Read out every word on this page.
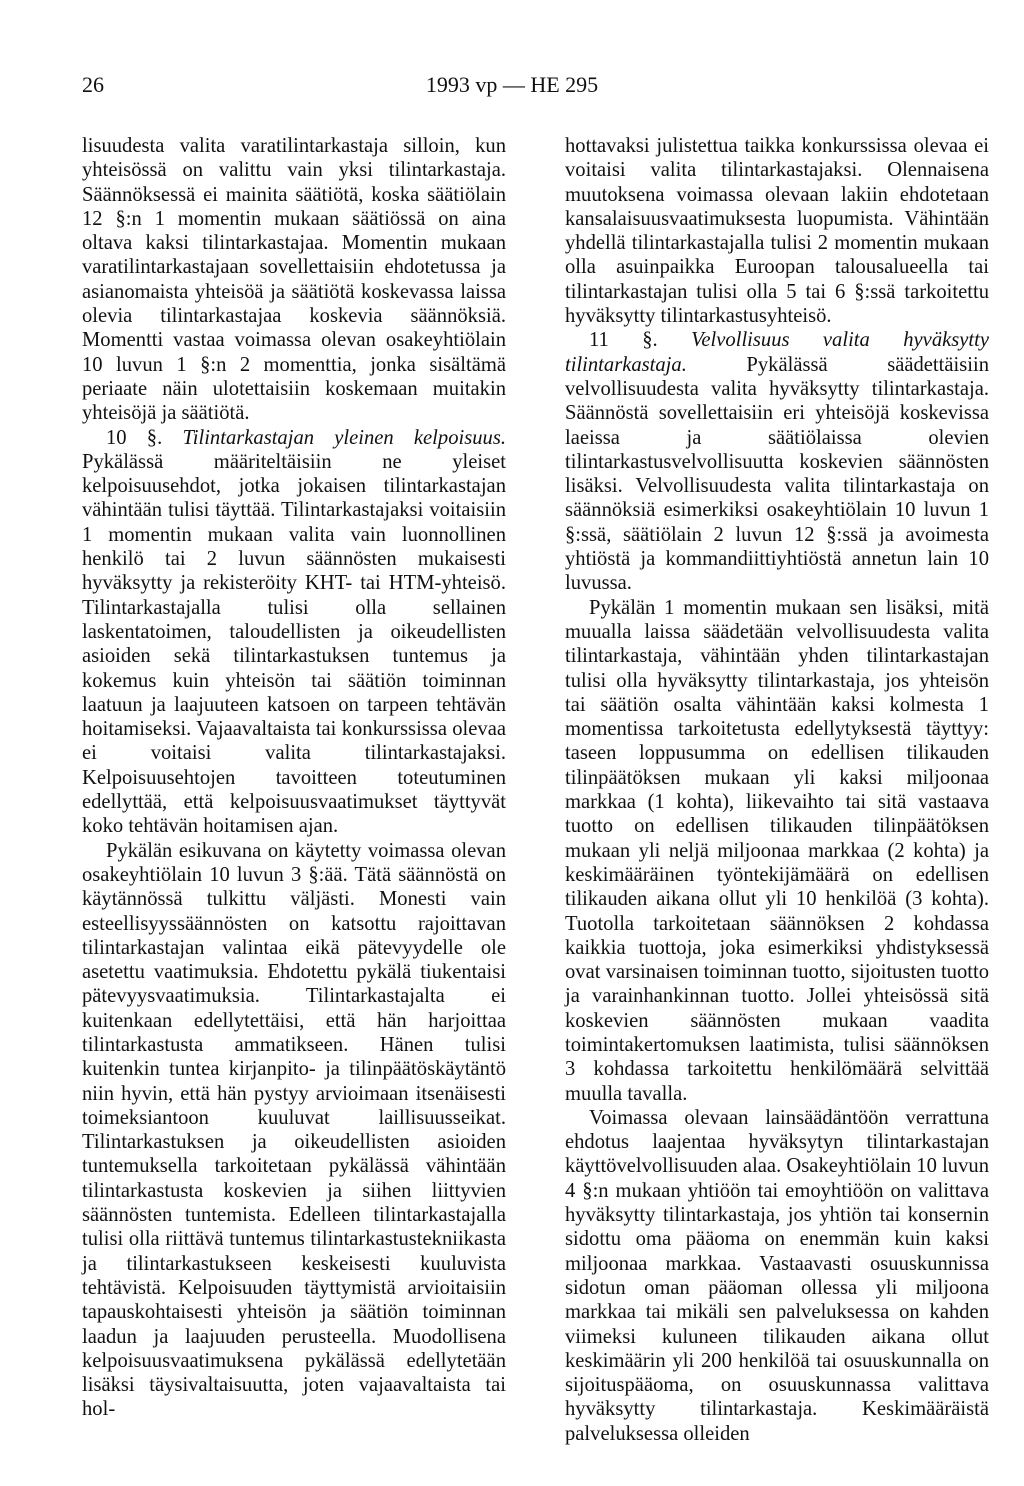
26	1993 vp — HE 295

lisuudesta valita varatilintarkastaja silloin, kun yhteisössä on valittu vain yksi tilintarkastaja. Säännöksessä ei mainita säätiötä, koska säätiölain 12 §:n 1 momentin mukaan säätiössä on aina oltava kaksi tilintarkastajaa. Momentin mukaan varatilintarkastajaan sovellettaisiin ehdotetussa ja asianomaista yhteisöä ja säätiötä koskevassa laissa olevia tilintarkastajaa koskevia säännöksiä. Momentti vastaa voimassa olevan osakeyhtiölain 10 luvun 1 §:n 2 momenttia, jonka sisältämä periaate näin ulotettaisiin koskemaan muitakin yhteisöjä ja säätiötä.

10 §. Tilintarkastajan yleinen kelpoisuus. Pykälässä määriteltäisiin ne yleiset kelpoisuusehdot, jotka jokaisen tilintarkastajan vähintään tulisi täyttää. Tilintarkastajaksi voitaisiin 1 momentin mukaan valita vain luonnollinen henkilö tai 2 luvun säännösten mukaisesti hyväksytty ja rekisteröity KHT- tai HTM-yhteisö. Tilintarkastajalla tulisi olla sellainen laskentatoimen, taloudellisten ja oikeudellisten asioiden sekä tilintarkastuksen tuntemus ja kokemus kuin yhteisön tai säätiön toiminnan laatuun ja laajuuteen katsoen on tarpeen tehtävän hoitamiseksi. Vajaavaltaista tai konkurssissa olevaa ei voitaisi valita tilintarkastajaksi. Kelpoisuusehtojen tavoitteen toteutuminen edellyttää, että kelpoisuusvaatimukset täyttyvät koko tehtävän hoitamisen ajan.

Pykälän esikuvana on käytetty voimassa olevan osakeyhtiölain 10 luvun 3 §:ää. Tätä säännöstä on käytännössä tulkittu väljästi. Monesti vain esteellisyyssäännösten on katsottu rajoittavan tilintarkastajan valintaa eikä pätevyydelle ole asetettu vaatimuksia. Ehdotettu pykälä tiukentaisi pätevyysvaatimuksia. Tilintarkastajalta ei kuitenkaan edellytettäisi, että hän harjoittaa tilintarkastusta ammatikseen. Hänen tulisi kuitenkin tuntea kirjanpito- ja tilinpäätöskäytäntö niin hyvin, että hän pystyy arvioimaan itsenäisesti toimeksiantoon kuuluvat laillisuusseikat. Tilintarkastuksen ja oikeudellisten asioiden tuntemuksella tarkoitetaan pykälässä vähintään tilintarkastusta koskevien ja siihen liittyvien säännösten tuntemista. Edelleen tilintarkastajalla tulisi olla riittävä tuntemus tilintarkastustekniikasta ja tilintarkastukseen keskeisesti kuuluvista tehtävistä. Kelpoisuuden täyttymistä arvioitaisiin tapauskohtaisesti yhteisön ja säätiön toiminnan laadun ja laajuuden perusteella. Muodollisena kelpoisuusvaatimuksena pykälässä edellytetään lisäksi täysivaltaisuutta, joten vajaavaltaista tai hol-

hottavaksi julistettua taikka konkurssissa olevaa ei voitaisi valita tilintarkastajaksi. Olennaisena muutoksena voimassa olevaan lakiin ehdotetaan kansalaisuusvaatimuksesta luopumista. Vähintään yhdellä tilintarkastajalla tulisi 2 momentin mukaan olla asuinpaikka Euroopan talousalueella tai tilintarkastajan tulisi olla 5 tai 6 §:ssä tarkoitettu hyväksytty tilintarkastusyhteisö.

11 §. Velvollisuus valita hyväksytty tilintarkastaja.	Pykälässä säädettäisiin velvollisuudesta valita hyväksytty tilintarkastaja. Säännöstä sovellettaisiin eri yhteisöjä koskevissa laeissa ja säätiölaissa olevien tilintarkastusvelvollisuutta koskevien säännösten lisäksi. Velvollisuudesta valita tilintarkastaja on säännöksiä esimerkiksi osakeyhtiölain 10 luvun 1 §:ssä, säätiölain 2 luvun 12 §:ssä ja avoimesta yhtiöstä ja kommandiittiyhtiöstä annetun lain 10 luvussa.

Pykälän 1 momentin mukaan sen lisäksi, mitä muualla laissa säädetään velvollisuudesta valita tilintarkastaja, vähintään yhden tilintarkastajan tulisi olla hyväksytty tilintarkastaja, jos yhteisön tai säätiön osalta vähintään kaksi kolmesta 1 momentissa tarkoitetusta edellytyksestä täyttyy: taseen loppusumma on edellisen tilikauden tilinpäätöksen mukaan yli kaksi miljoonaa markkaa (1 kohta), liikevaihto tai sitä vastaava tuotto on edellisen tilikauden tilinpäätöksen mukaan yli neljä miljoonaa markkaa (2 kohta) ja keskimääräinen työntekijämäärä on edellisen tilikauden aikana ollut yli 10 henkilöä (3 kohta). Tuotolla tarkoitetaan säännöksen 2 kohdassa kaikkia tuottoja, joka esimerkiksi yhdistyksessä ovat varsinaisen toiminnan tuotto, sijoitusten tuotto ja varainhankinnan tuotto. Jollei yhteisössä sitä koskevien säännösten mukaan vaadita toimintakertomuksen laatimista, tulisi säännöksen 3 kohdassa tarkoitettu henkilömäärä selvittää muulla tavalla.

Voimassa olevaan lainsäädäntöön verrattuna ehdotus laajentaa hyväksytyn tilintarkastajan käyttövelvollisuuden alaa. Osakeyhtiölain 10 luvun 4 §:n mukaan yhtiöön tai emoyhtiöön on valittava hyväksytty tilintarkastaja, jos yhtiön tai konsernin sidottu oma pääoma on enemmän kuin kaksi miljoonaa markkaa. Vastaavasti osuuskunnissa sidotun oman pääoman ollessa yli miljoona markkaa tai mikäli sen palveluksessa on kahden viimeksi kuluneen tilikauden aikana ollut keskimäärin yli 200 henkilöä tai osuuskunnalla on sijoituspääoma, on osuuskunnassa valittava hyväksytty tilintarkastaja. Keskimääräistä palveluksessa olleiden
